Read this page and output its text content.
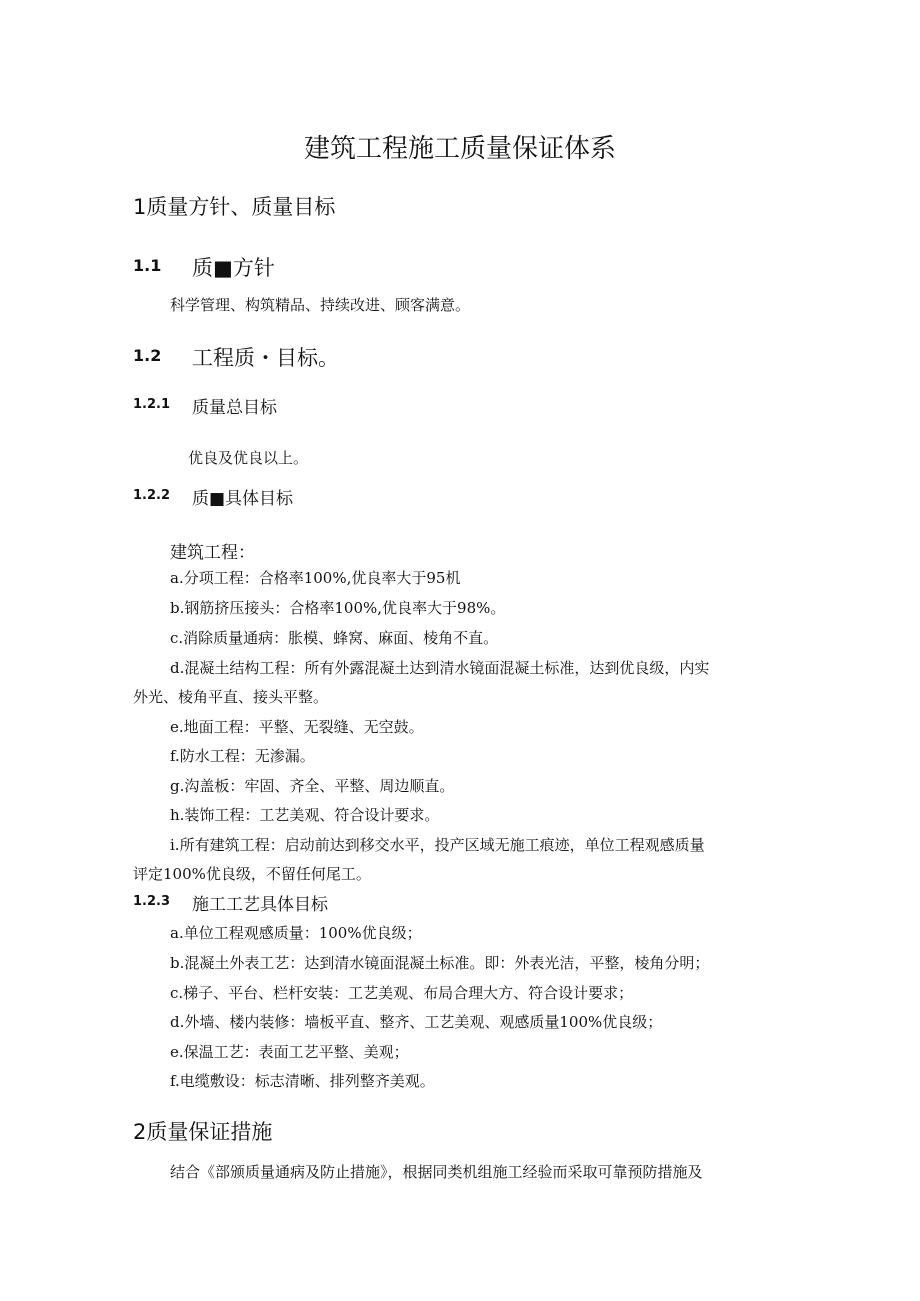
建筑工程施工质量保证体系
1质量方针、质量目标
1.1 质■方针
科学管理、构筑精品、持续改进、顾客满意。
1.2 工程质・目标。
1.2.1 质量总目标
优良及优良以上。
1.2.2 质■具体目标
建筑工程：
a.分项工程：合格率100%,优良率大于95机
b.钢筋挤压接头：合格率100%,优良率大于98%。
c.消除质量通病：胀模、蜂窝、麻面、棱角不直。
d.混凝土结构工程：所有外露混凝土达到清水镜面混凝土标准，达到优良级，内实
外光、棱角平直、接头平整。
e.地面工程：平整、无裂缝、无空鼓。
f.防水工程：无渗漏。
g.沟盖板：牢固、齐全、平整、周边顺直。
h.装饰工程：工艺美观、符合设计要求。
i.所有建筑工程：启动前达到移交水平，投产区域无施工痕迹，单位工程观感质量
评定100%优良级，不留任何尾工。
1.2.3 施工工艺具体目标
a.单位工程观感质量：100%优良级；
b.混凝土外表工艺：达到清水镜面混凝土标准。即：外表光洁，平整，棱角分明；
c.梯子、平台、栏杆安装：工艺美观、布局合理大方、符合设计要求；
d.外墙、楼内装修：墙板平直、整齐、工艺美观、观感质量100%优良级；
e.保温工艺：表面工艺平整、美观；
f.电缆敷设：标志清晰、排列整齐美观。
2质量保证措施
结合《部颁质量通病及防止措施》，根据同类机组施工经验而采取可靠预防措施及
